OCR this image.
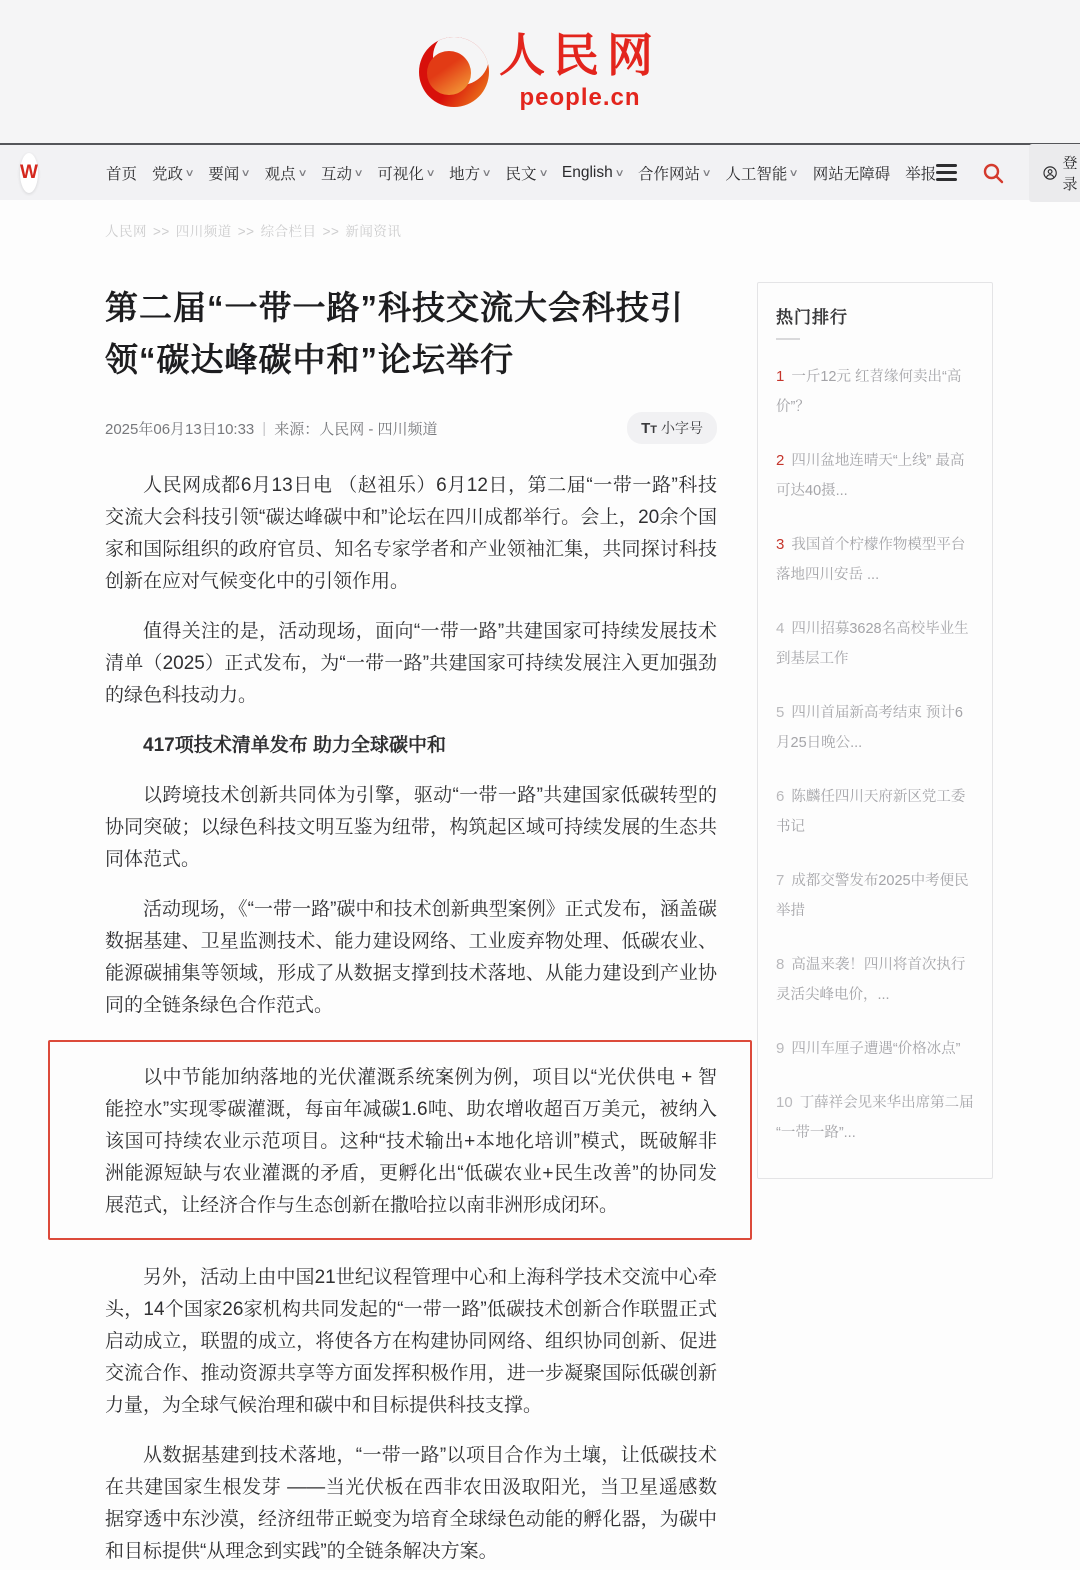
人民网
people.cn
W	首页 党政 ∨ 要闻 ∨ 观点 ∨ 互动 ∨ 可视化 ∨ 地方 ∨ 民文 ∨ English ∨ 合作网站 ∨ 人工智能 ∨ 网站无障碍 举报
登录
人民网 >> 四川频道 >> 综合栏目 >> 新闻资讯
第二届“一带一路”科技交流大会科技引领“碳达峰碳中和”论坛举行
2025年06月13日10:33 | 来源： 人民网 - 四川频道	TT 小字号

人民网成都6月13日电 （赵祖乐）6月12日，第二届“一带一路”科技交流大会科技引领“碳达峰碳中和”论坛在四川成都举行。会上，20余个国家和国际组织的政府官员、知名专家学者和产业领袖汇集，共同探讨科技创新在应对气候变化中的引领作用。

值得关注的是，活动现场，面向“一带一路”共建国家可持续发展技术清单（2025）正式发布，为“一带一路”共建国家可持续发展注入更加强劲的绿色科技动力。

417项技术清单发布 助力全球碳中和

以跨境技术创新共同体为引擎，驱动“一带一路”共建国家低碳转型的协同突破；以绿色科技文明互鉴为纽带，构筑起区域可持续发展的生态共同体范式。

活动现场，《“一带一路”碳中和技术创新典型案例》正式发布，涵盖碳数据基建、卫星监测技术、能力建设网络、工业废弃物处理、低碳农业、能源碳捕集等领域，形成了从数据支撑到技术落地、从能力建设到产业协同的全链条绿色合作范式。

以中节能加纳落地的光伏灌溉系统案例为例，项目以“光伏供电 + 智能控水”实现零碳灌溉，每亩年减碳1.6吨、助农增收超百万美元，被纳入该国可持续农业示范项目。这种“技术输出+本地化培训”模式，既破解非洲能源短缺与农业灌溉的矛盾，更孵化出“低碳农业+民生改善”的协同发展范式，让经济合作与生态创新在撒哈拉以南非洲形成闭环。

另外，活动上由中国21世纪议程管理中心和上海科学技术交流中心牵头，14个国家26家机构共同发起的“一带一路”低碳技术创新合作联盟正式启动成立，联盟的成立，将使各方在构建协同网络、组织协同创新、促进交流合作、推动资源共享等方面发挥积极作用，进一步凝聚国际低碳创新力量，为全球气候治理和碳中和目标提供科技支撑。

从数据基建到技术落地，“一带一路”以项目合作为土壤，让低碳技术在共建国家生根发芽 ——当光伏板在西非农田汲取阳光，当卫星遥感数据穿透中东沙漠，经济纽带正蜕变为培育全球绿色动能的孵化器，为碳中和目标提供“从理念到实践”的全链条解决方案。

热门排行
1 一斤12元 红苕缘何卖出“高价”？
2 四川盆地连晴天“上线” 最高可达40摄...
3 我国首个柠檬作物模型平台落地四川安岳 ...
4 四川招募3628名高校毕业生到基层工作
5 四川首届新高考结束 预计6月25日晚公...
6 陈麟任四川天府新区党工委书记
7 成都交警发布2025中考便民举措
8 高温来袭！四川将首次执行灵活尖峰电价，...
9 四川车厘子遭遇“价格冰点”
10 丁薛祥会见来华出席第二届“一带一路”...
